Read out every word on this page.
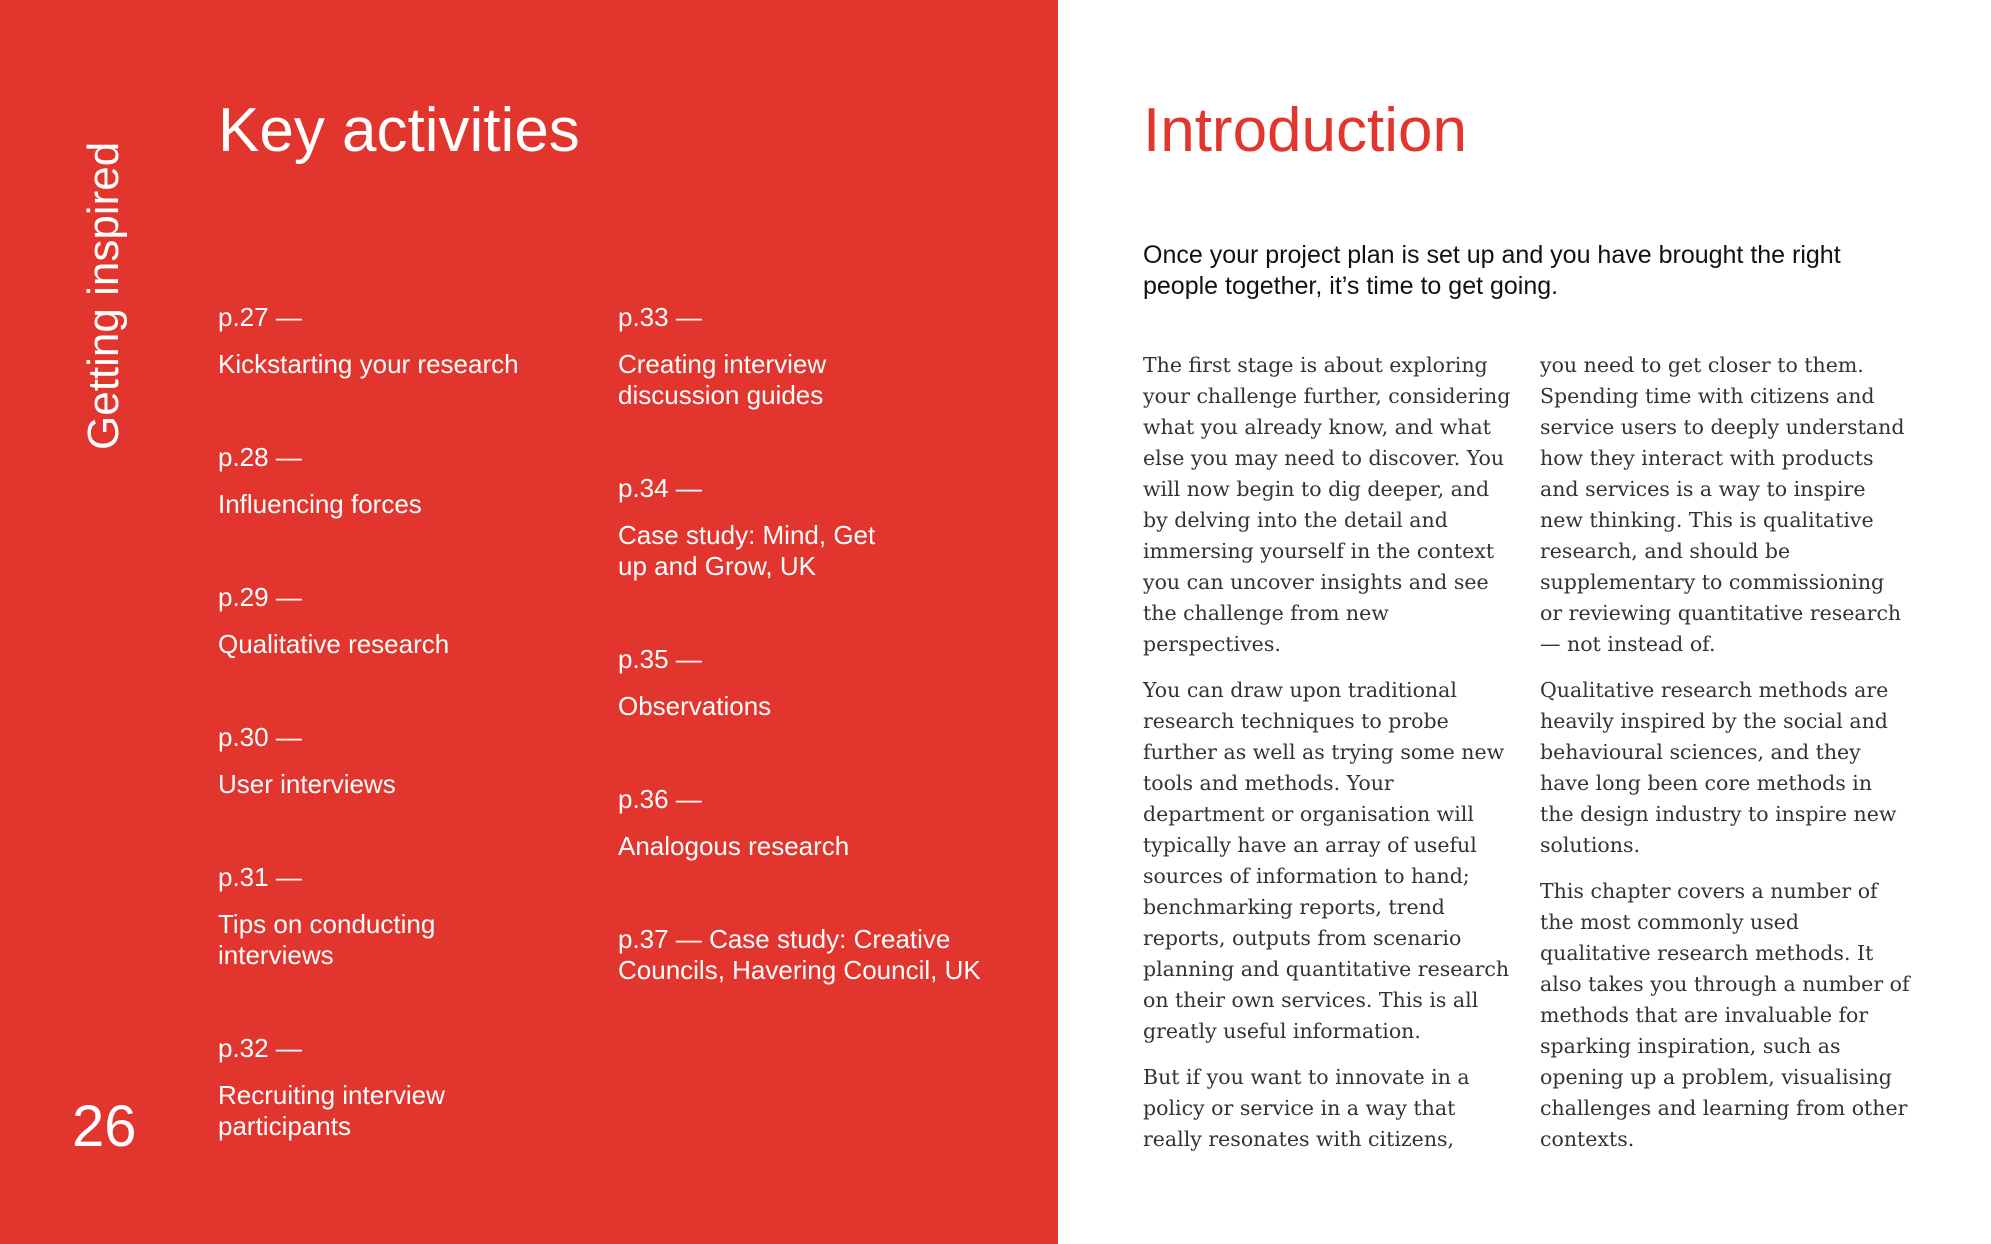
Getting inspired
26
Key activities
p.27 —
Kickstarting your research
p.28 —
Influencing forces
p.29 —
Qualitative research
p.30 —
User interviews
p.31 —
Tips on conducting interviews
p.32 —
Recruiting interview participants
p.33 —
Creating interview discussion guides
p.34 —
Case study: Mind, Get up and Grow, UK
p.35 —
Observations
p.36 —
Analogous research
p.37 — Case study: Creative Councils, Havering Council, UK
Introduction
Once your project plan is set up and you have brought the right people together, it’s time to get going.

The first stage is about exploring your challenge further, considering what you already know, and what else you may need to discover. You will now begin to dig deeper, and by delving into the detail and immersing yourself in the context you can uncover insights and see the challenge from new perspectives.

You can draw upon traditional research techniques to probe further as well as trying some new tools and methods. Your department or organisation will typically have an array of useful sources of information to hand; benchmarking reports, trend reports, outputs from scenario planning and quantitative research on their own services. This is all greatly useful information.

But if you want to innovate in a policy or service in a way that really resonates with citizens,

you need to get closer to them. Spending time with citizens and service users to deeply understand how they interact with products and services is a way to inspire new thinking. This is qualitative research, and should be supplementary to commissioning or reviewing quantitative research — not instead of.

Qualitative research methods are heavily inspired by the social and behavioural sciences, and they have long been core methods in the design industry to inspire new solutions.

This chapter covers a number of the most commonly used qualitative research methods. It also takes you through a number of methods that are invaluable for sparking inspiration, such as opening up a problem, visualising challenges and learning from other contexts.
